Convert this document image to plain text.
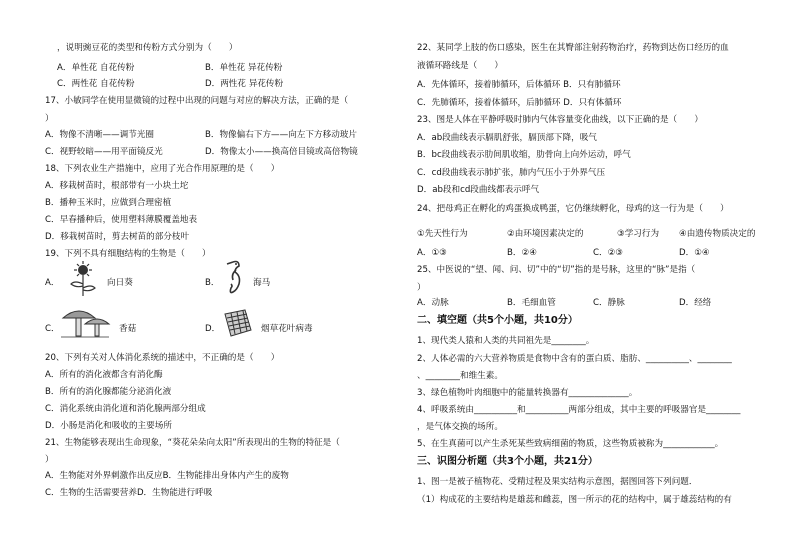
，说明豌豆花的类型和传粉方式分别为（　　）
A．单性花 自花传粉	B．单性花 异花传粉
C．两性花 自花传粉	D．两性花 异花传粉
17、小敏同学在使用显微镜的过程中出现的问题与对应的解决方法，正确的是（
）
A．物像不清晰——调节光圈	B．物像偏右下方——向左下方移动玻片
C．视野较暗——用平面镜反光	D．物像太小——换高倍目镜或高倍物镜
18、下列农业生产措施中，应用了光合作用原理的是（　　）
A．移栽树苗时，根部带有一小块土坨
B．播种玉米时，应做到合理密植
C．早春播种后，使用塑料薄膜覆盖地表
D．移栽树苗时，剪去树苗的部分枝叶
19、下列不具有细胞结构的生物是（　　）
A．	向日葵	B．	海马
C．	香菇	D．	烟草花叶病毒
20、下列有关对人体消化系统的描述中，不正确的是（　　）
A．所有的消化液都含有消化酶
B．所有的消化腺都能分泌消化液
C．消化系统由消化道和消化腺两部分组成
D．小肠是消化和吸收的主要场所
21、生物能够表现出生命现象，“葵花朵朵向太阳”所表现出的生物的特征是（
）
A．生物能对外界刺激作出反应B．生物能排出身体内产生的废物
C．生物的生活需要营养D．生物能进行呼吸
22、某同学上肢的伤口感染，医生在其臀部注射药物治疗，药物到达伤口经历的血
液循环路线是（　　）
A．先体循环，接着肺循环，后体循环 B．只有肺循环
C．先肺循环，接着体循环，后肺循环 D．只有体循环
23、图是人体在平静呼吸时肺内气体容量变化曲线，以下正确的是（　　）
A．ab段曲线表示膈肌舒张，膈顶部下降，吸气
B．bc段曲线表示肋间肌收缩，肋骨向上向外运动，呼气
C．cd段曲线表示肺扩张，肺内气压小于外界气压
D．ab段和cd段曲线都表示呼气
24、把母鸡正在孵化的鸡蛋换成鸭蛋，它仍继续孵化，母鸡的这一行为是（　　）
①先天性行为	②由环境因素决定的	③学习行为 ④由遗传物质决定的
A．①③	B．②④	C．②③	D．①④
25、中医说的“望、闻、问、切”中的“切”指的是号脉，这里的“脉”是指（
）
A．动脉	B．毛细血管	C．静脉	D．经络
二、填空题（共5个小题，共10分）
1、现代类人猿和人类的共同祖先是________。
2、人体必需的六大营养物质是食物中含有的蛋白质、脂肪、__________、________
、________和维生素。
3、绿色植物叶肉细胞中的能量转换器有______________。
4、呼吸系统由__________和__________两部分组成，其中主要的呼吸器官是________
，是气体交换的场所。
5、在生真菌可以产生杀死某些致病细菌的物质，这些物质被称为____________。
三、识图分析题（共3个小题，共21分）
1、图一是被子植物花、受精过程及果实结构示意图，据图回答下列问题．
（1）构成花的主要结构是雄蕊和雌蕊，图一所示的花的结构中，属于雄蕊结构的有
